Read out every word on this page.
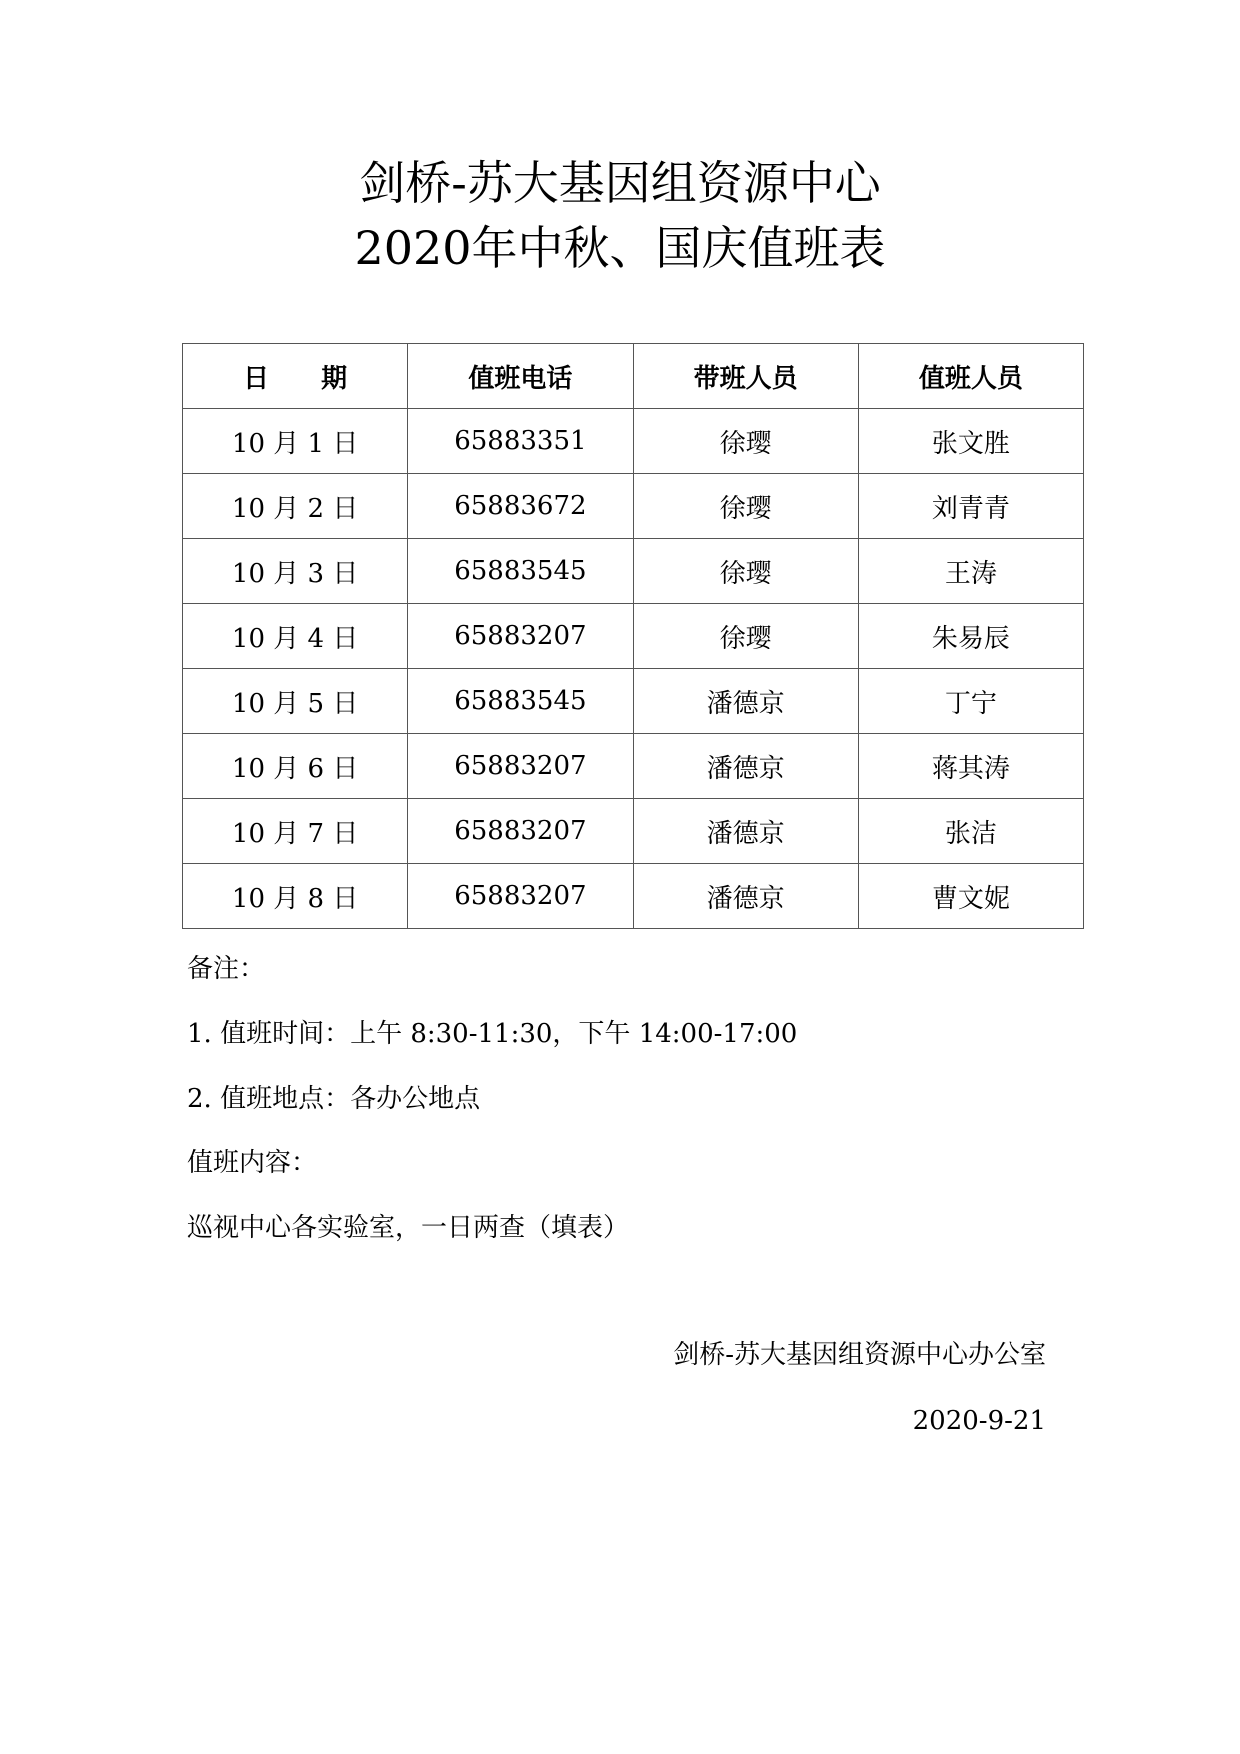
剑桥-苏大基因组资源中心
2020年中秋、国庆值班表
日　　期	值班电话	带班人员	值班人员
10 月 1 日	65883351	徐璎	张文胜
10 月 2 日	65883672	徐璎	刘青青
10 月 3 日	65883545	徐璎	王涛
10 月 4 日	65883207	徐璎	朱易辰
10 月 5 日	65883545	潘德京	丁宁
10 月 6 日	65883207	潘德京	蒋其涛
10 月 7 日	65883207	潘德京	张洁
10 月 8 日	65883207	潘德京	曹文妮

备注：

1. 值班时间：上午 8:30-11:30，下午 14:00-17:00

2. 值班地点：各办公地点

值班内容：

巡视中心各实验室，一日两查（填表）

剑桥-苏大基因组资源中心办公室

2020-9-21
